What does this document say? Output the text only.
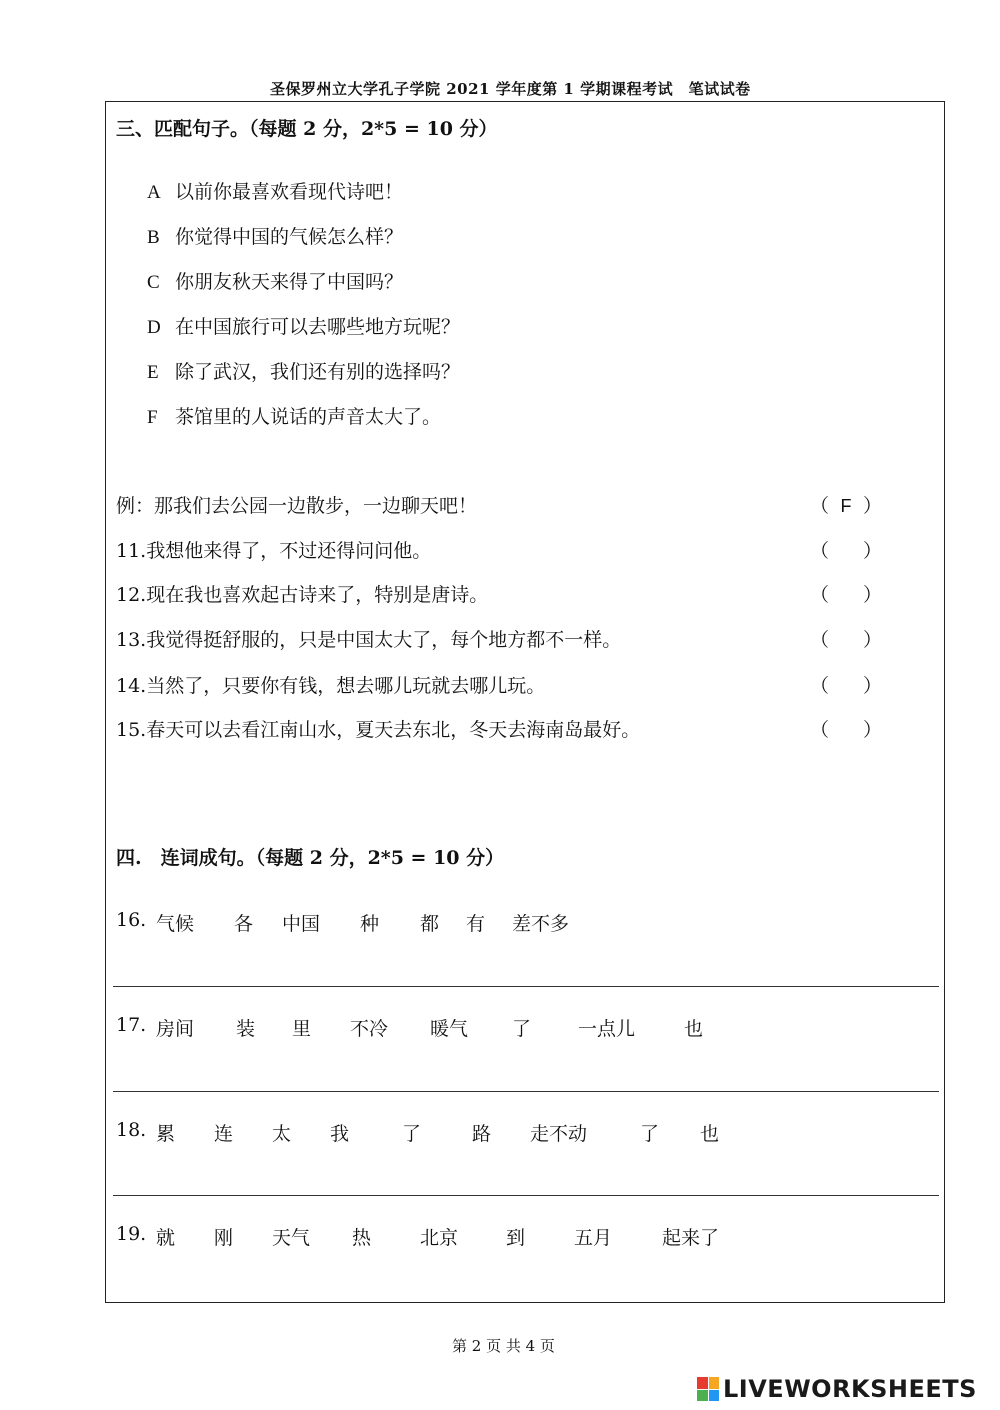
圣保罗州立大学孔子学院 2021 学年度第 1 学期课程考试　笔试试卷
三、匹配句子。（每题 2 分，2*5 = 10 分）
A 以前你最喜欢看现代诗吧！
B 你觉得中国的气候怎么样？
C 你朋友秋天来得了中国吗？
D 在中国旅行可以去哪些地方玩呢？
E 除了武汉，我们还有别的选择吗？
F 茶馆里的人说话的声音太大了。
例：那我们去公园一边散步，一边聊天吧！	（ F ）
11.我想他来得了，不过还得问问他。	（ ）
12.现在我也喜欢起古诗来了，特别是唐诗。	（ ）
13.我觉得挺舒服的，只是中国太大了，每个地方都不一样。	（ ）
14.当然了，只要你有钱，想去哪儿玩就去哪儿玩。	（ ）
15.春天可以去看江南山水，夏天去东北，冬天去海南岛最好。	（ ）
四.　连词成句。（每题 2 分，2*5 = 10 分）
16. 气候 各 中国 种 都 有 差不多
17. 房间 装 里 不冷 暖气 了 一点儿	也
18. 累 连 太 我	了	路 走不动	了 也
19. 就 刚 天气 热	北京	到	五月	起来了
第 2 页 共 4 页
LIVEWORKSHEETS
